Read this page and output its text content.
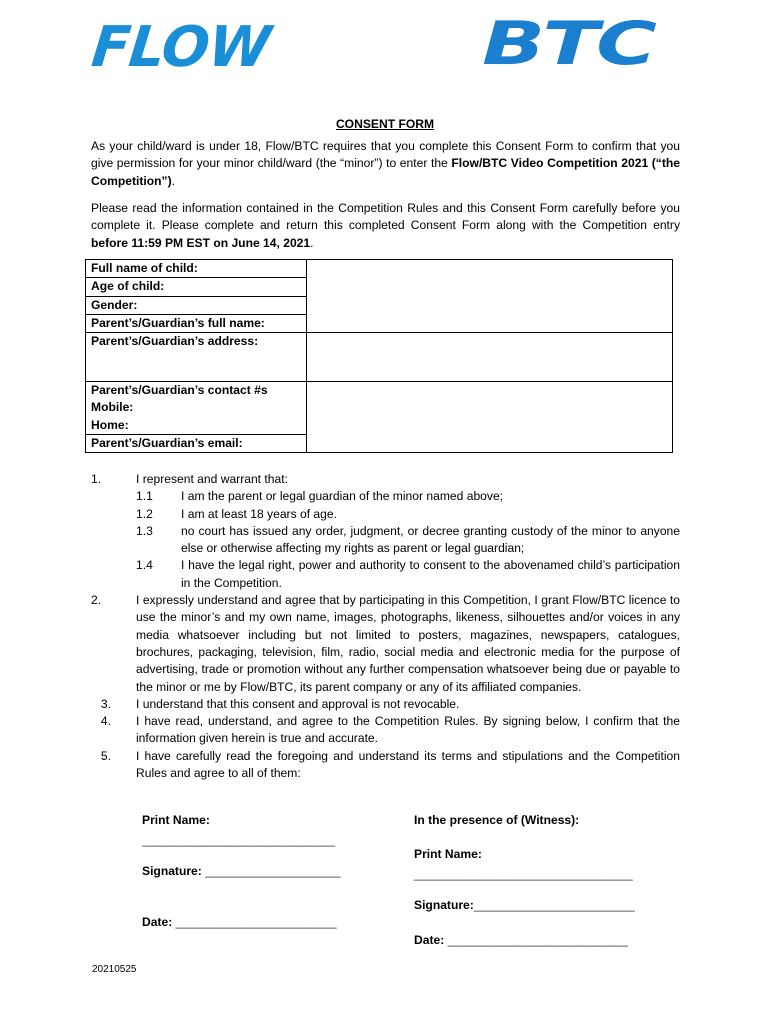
FLOW	BTC
CONSENT FORM
As your child/ward is under 18, Flow/BTC requires that you complete this Consent Form to confirm that you give permission for your minor child/ward (the “minor”) to enter the Flow/BTC Video Competition 2021 (“the Competition”).
Please read the information contained in the Competition Rules and this Consent Form carefully before you complete it. Please complete and return this completed Consent Form along with the Competition entry before 11:59 PM EST on June 14, 2021.
Full name of child:	
Age of child:	
Gender:	
Parent’s/Guardian’s full name:	
Parent’s/Guardian’s address:	

Parent’s/Guardian’s contact #s
Mobile:
Home:	

Parent’s/Guardian’s email:	
1.	I represent and warrant that:
1.1 I am the parent or legal guardian of the minor named above;
1.2 I am at least 18 years of age.
1.3 no court has issued any order, judgment, or decree granting custody of the minor to anyone else or otherwise affecting my rights as parent or legal guardian;
1.4 I have the legal right, power and authority to consent to the abovenamed child’s participation in the Competition.
2.	I expressly understand and agree that by participating in this Competition, I grant Flow/BTC licence to use the minor’s and my own name, images, photographs, likeness, silhouettes and/or voices in any media whatsoever including but not limited to posters, magazines, newspapers, catalogues, brochures, packaging, television, film, radio, social media and electronic media for the purpose of advertising, trade or promotion without any further compensation whatsoever being due or payable to the minor or me by Flow/BTC, its parent company or any of its affiliated companies.
3. I understand that this consent and approval is not revocable.
4. I have read, understand, and agree to the Competition Rules. By signing below, I confirm that the information given herein is true and accurate.
5. I have carefully read the foregoing and understand its terms and stipulations and the Competition Rules and agree to all of them:
Print Name:
______________________________
Signature: _____________________
Date: _________________________
In the presence of (Witness):
Print Name:
__________________________________
Signature:_________________________
Date: ____________________________
20210525
